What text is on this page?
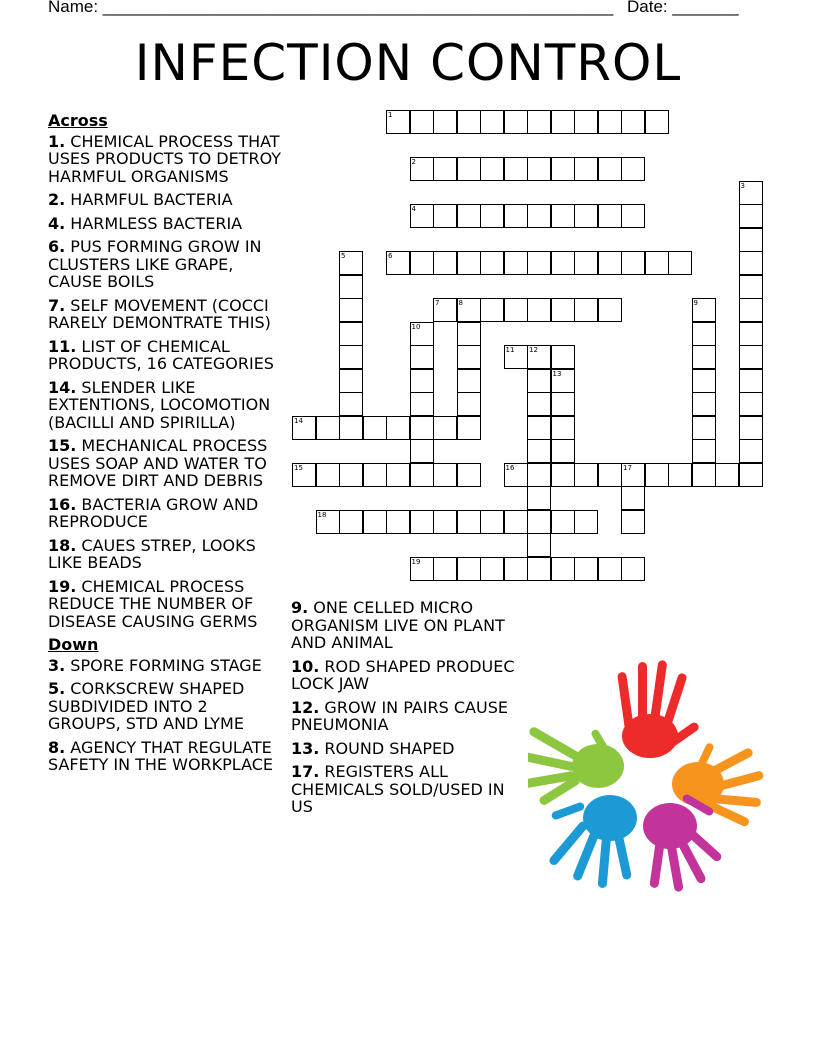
Name: ______________________________________________________ Date: _______
INFECTION CONTROL
Across
1. CHEMICAL PROCESS THAT USES PRODUCTS TO DETROY HARMFUL ORGANISMS
2. HARMFUL BACTERIA
4. HARMLESS BACTERIA
6. PUS FORMING GROW IN CLUSTERS LIKE GRAPE, CAUSE BOILS
7. SELF MOVEMENT (COCCI RARELY DEMONTRATE THIS)
11. LIST OF CHEMICAL PRODUCTS, 16 CATEGORIES
14. SLENDER LIKE EXTENTIONS, LOCOMOTION (BACILLI AND SPIRILLA)
15. MECHANICAL PROCESS USES SOAP AND WATER TO REMOVE DIRT AND DEBRIS
16. BACTERIA GROW AND REPRODUCE
18. CAUES STREP, LOOKS LIKE BEADS
19. CHEMICAL PROCESS REDUCE THE NUMBER OF DISEASE CAUSING GERMS
Down
3. SPORE FORMING STAGE
5. CORKSCREW SHAPED SUBDIVIDED INTO 2 GROUPS, STD AND LYME
8. AGENCY THAT REGULATE SAFETY IN THE WORKPLACE
9. ONE CELLED MICRO ORGANISM LIVE ON PLANT AND ANIMAL
10. ROD SHAPED PRODUEC LOCK JAW
12. GROW IN PAIRS CAUSE PNEUMONIA
13. ROUND SHAPED
17. REGISTERS ALL CHEMICALS SOLD/USED IN US
1
2
4
6
7	8
11 12
14
15	16	17
18
19
3
5
9
10
13
